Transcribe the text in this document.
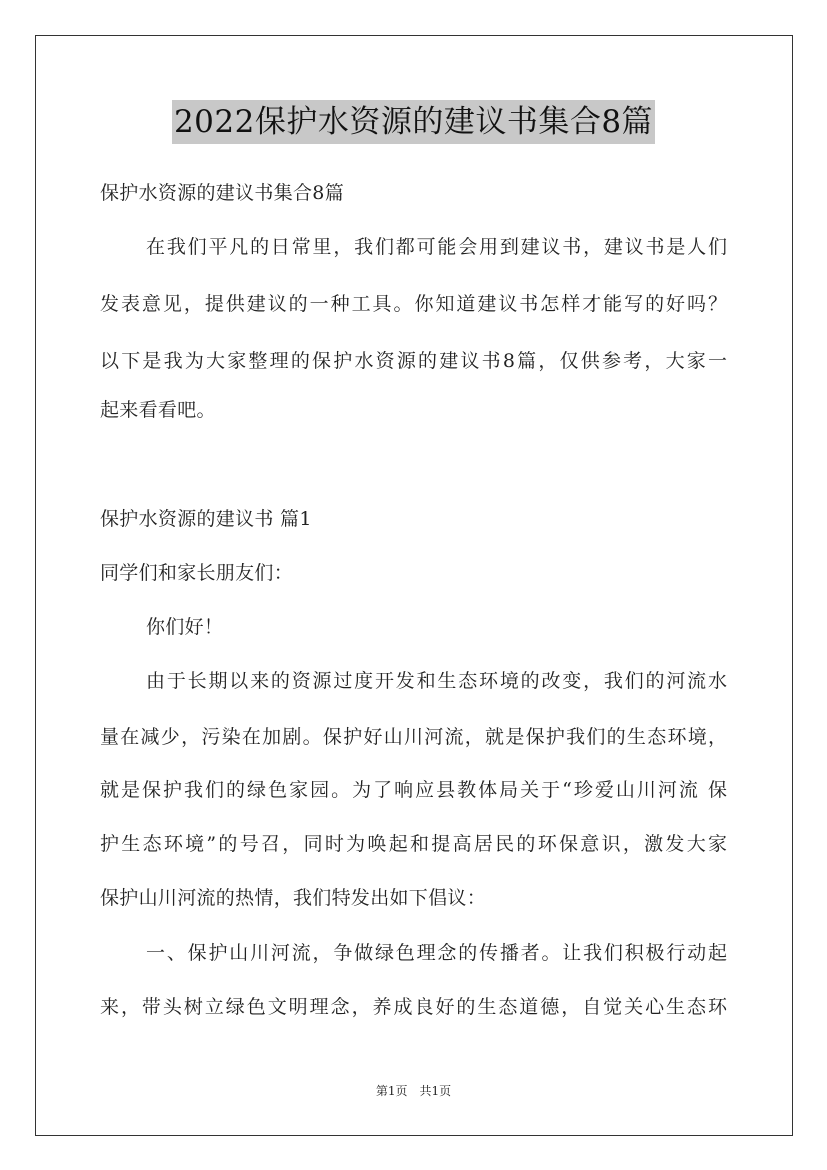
2022保护水资源的建议书集合8篇
保护水资源的建议书集合8篇
在我们平凡的日常里，我们都可能会用到建议书，建议书是人们
发表意见，提供建议的一种工具。你知道建议书怎样才能写的好吗？
以下是我为大家整理的保护水资源的建议书8篇，仅供参考，大家一
起来看看吧。
保护水资源的建议书 篇1
同学们和家长朋友们：
你们好！
由于长期以来的资源过度开发和生态环境的改变，我们的河流水
量在减少，污染在加剧。保护好山川河流，就是保护我们的生态环境，
就是保护我们的绿色家园。为了响应县教体局关于“珍爱山川河流 保
护生态环境”的号召，同时为唤起和提高居民的环保意识，激发大家
保护山川河流的热情，我们特发出如下倡议：
一、保护山川河流，争做绿色理念的传播者。让我们积极行动起
来，带头树立绿色文明理念，养成良好的生态道德，自觉关心生态环
第1页 共1页
